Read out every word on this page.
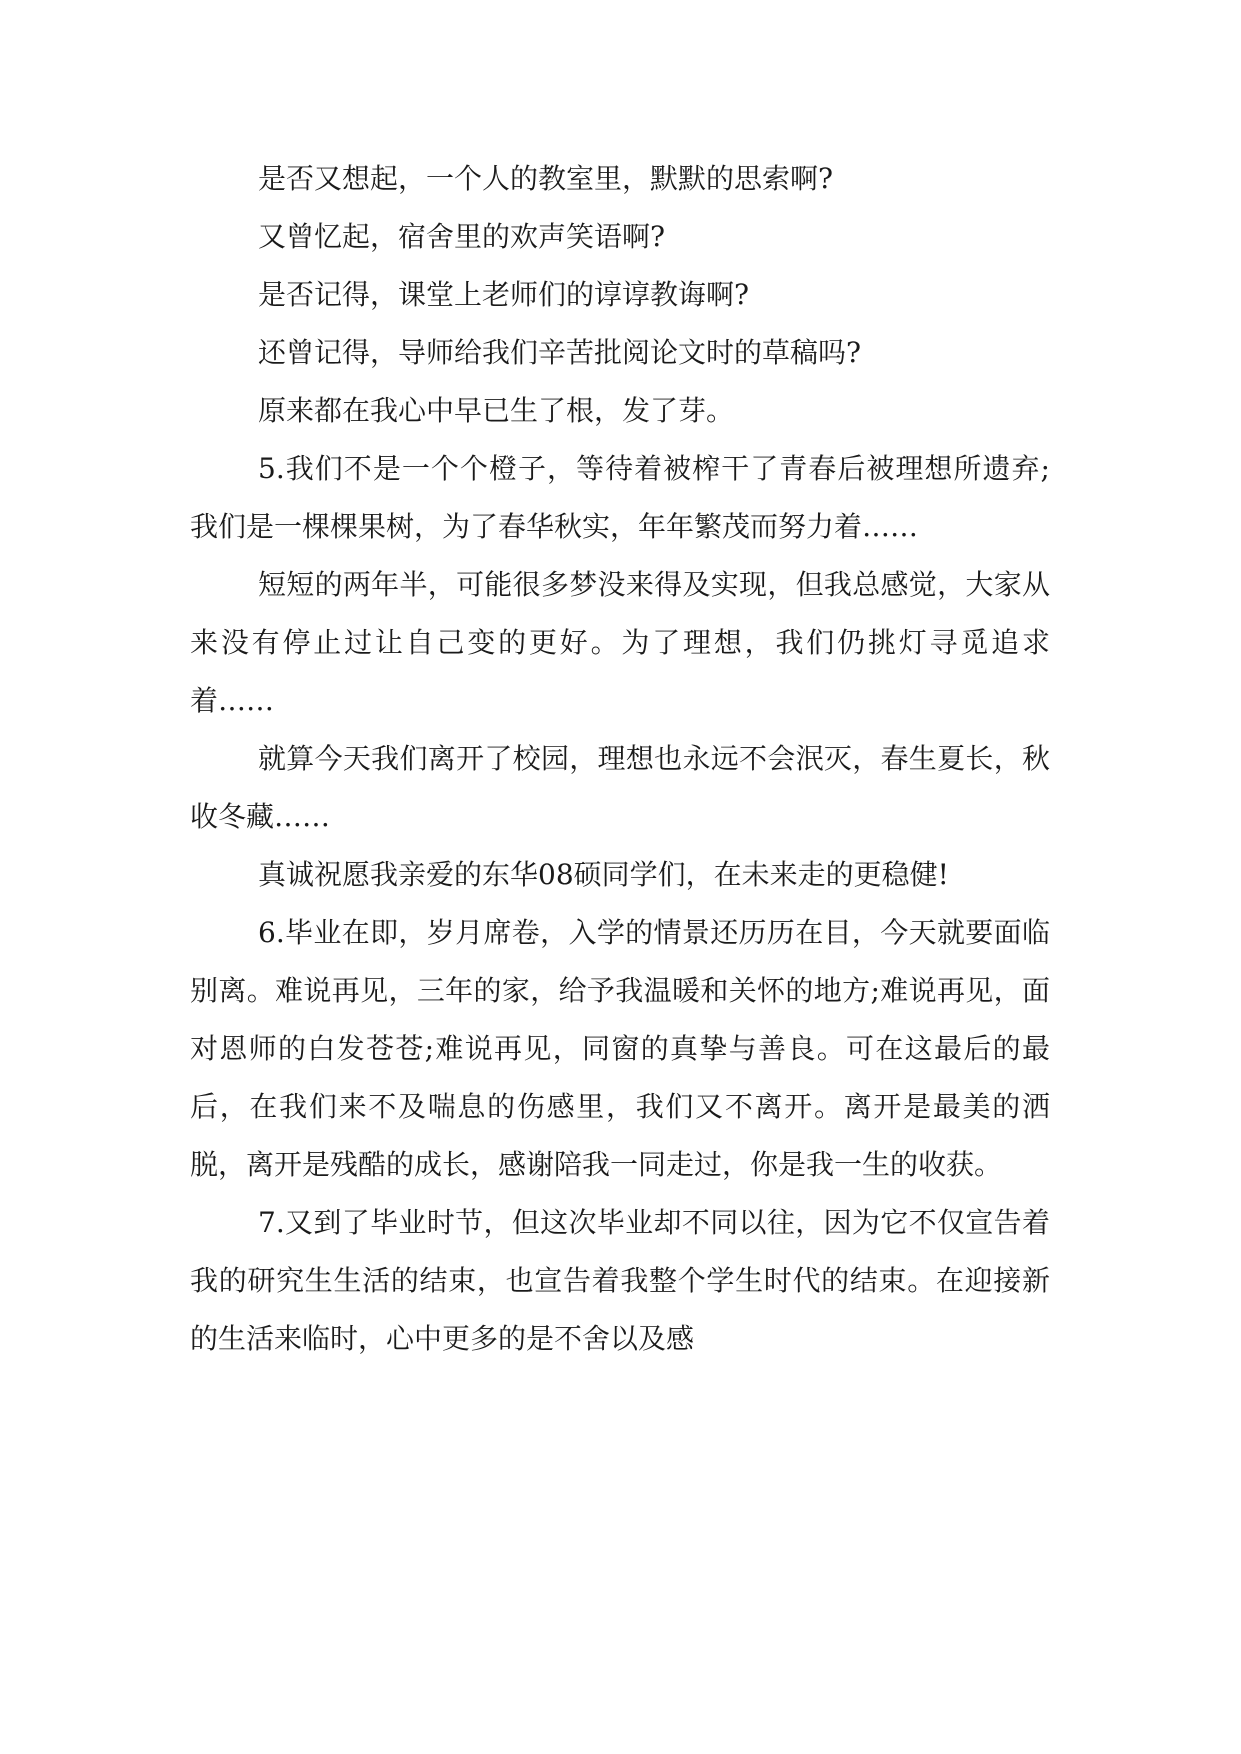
是否又想起，一个人的教室里，默默的思索啊?

又曾忆起，宿舍里的欢声笑语啊?

是否记得，课堂上老师们的谆谆教诲啊?

还曾记得，导师给我们辛苦批阅论文时的草稿吗?

原来都在我心中早已生了根，发了芽。

5.我们不是一个个橙子，等待着被榨干了青春后被理想所遗弃;我们是一棵棵果树，为了春华秋实，年年繁茂而努力着……

短短的两年半，可能很多梦没来得及实现，但我总感觉，大家从来没有停止过让自己变的更好。为了理想，我们仍挑灯寻觅追求着……

就算今天我们离开了校园，理想也永远不会泯灭，春生夏长，秋收冬藏……

真诚祝愿我亲爱的东华08硕同学们，在未来走的更稳健!

6.毕业在即，岁月席卷，入学的情景还历历在目，今天就要面临别离。难说再见，三年的家，给予我温暖和关怀的地方;难说再见，面对恩师的白发苍苍;难说再见，同窗的真挚与善良。可在这最后的最后，在我们来不及喘息的伤感里，我们又不离开。离开是最美的洒脱，离开是残酷的成长，感谢陪我一同走过，你是我一生的收获。

7.又到了毕业时节，但这次毕业却不同以往，因为它不仅宣告着我的研究生生活的结束，也宣告着我整个学生时代的结束。在迎接新的生活来临时，心中更多的是不舍以及感
